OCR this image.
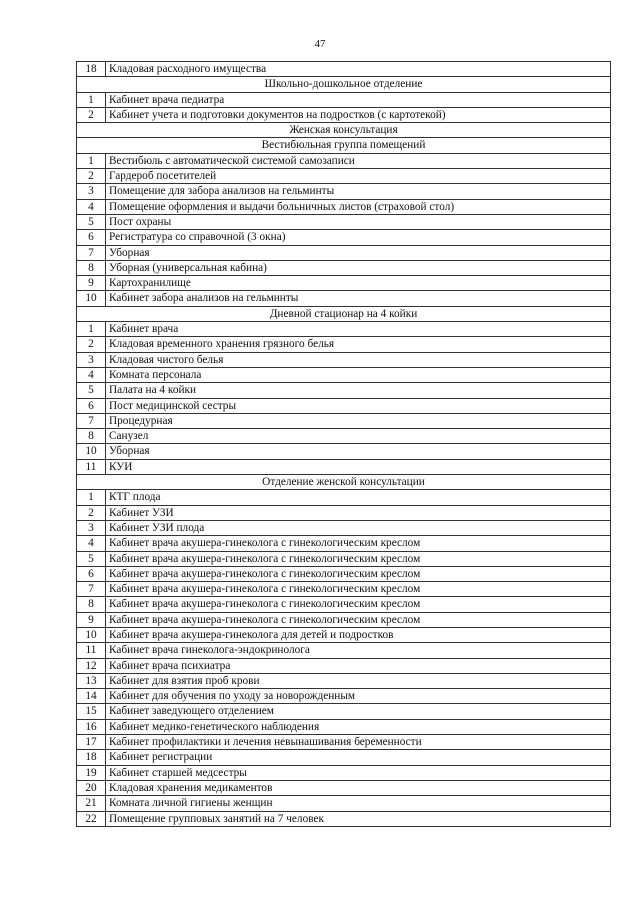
47
18	Кладовая расходного имущества
Школьно-дошкольное отделение	
1	Кабинет врача педиатра
2	Кабинет учета и подготовки документов на подростков (с картотекой)
Женская консультация	
Вестибюльная группа помещений	
1	Вестибюль с автоматической системой самозаписи
2	Гардероб посетителей
3	Помещение для забора анализов на гельминты
4	Помещение оформления и выдачи больничных листов (страховой стол)
5	Пост охраны
6	Регистратура со справочной (3 окна)
7	Уборная
8	Уборная (универсальная кабина)
9	Картохранилище
10	Кабинет забора анализов на гельминты
Дневной стационар на 4 койки	
1	Кабинет врача
2	Кладовая временного хранения грязного белья
3	Кладовая чистого белья
4	Комната персонала
5	Палата на 4 койки
6	Пост медицинской сестры
7	Процедурная
8	Санузел
10	Уборная
11	КУИ
Отделение женской консультации	
1	КТГ плода
2	Кабинет УЗИ
3	Кабинет УЗИ плода
4	Кабинет врача акушера-гинеколога с гинекологическим креслом
5	Кабинет врача акушера-гинеколога с гинекологическим креслом
6	Кабинет врача акушера-гинеколога с гинекологическим креслом
7	Кабинет врача акушера-гинеколога с гинекологическим креслом
8	Кабинет врача акушера-гинеколога с гинекологическим креслом
9	Кабинет врача акушера-гинеколога с гинекологическим креслом
10	Кабинет врача акушера-гинеколога для детей и подростков
11	Кабинет врача гинеколога-эндокринолога
12	Кабинет врача психиатра
13	Кабинет для взятия проб крови
14	Кабинет для обучения по уходу за новорожденным
15	Кабинет заведующего отделением
16	Кабинет медико-генетического наблюдения
17	Кабинет профилактики и лечения невынашивания беременности
18	Кабинет регистрации
19	Кабинет старшей медсестры
20	Кладовая хранения медикаментов
21	Комната личной гигиены женщин
22	Помещение групповых занятий на 7 человек
